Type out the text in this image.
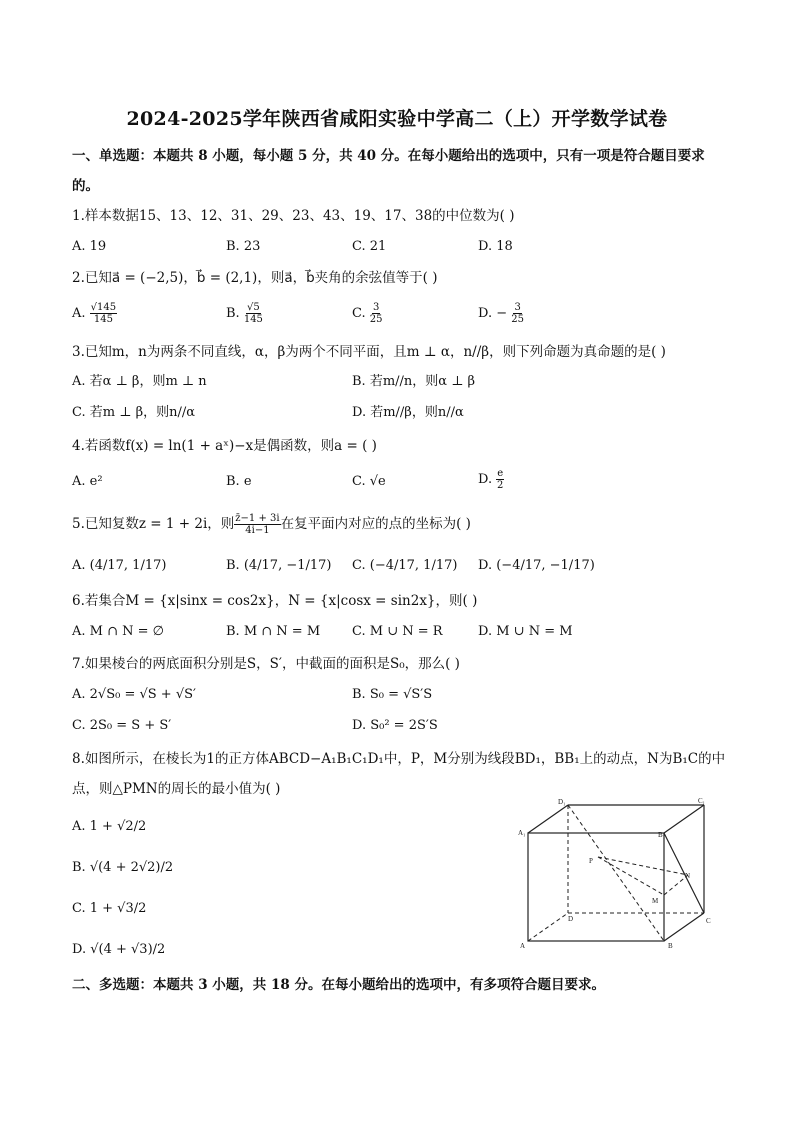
2024-2025学年陕西省咸阳实验中学高二（上）开学数学试卷
一、单选题：本题共 8 小题，每小题 5 分，共 40 分。在每小题给出的选项中，只有一项是符合题目要求
的。
1.样本数据15、13、12、31、29、23、43、19、17、38的中位数为( )
A. 19	B. 23	C. 21	D. 18
2.已知a⃗ = (−2,5)，b⃗ = (2,1)，则a⃗，b⃗夹角的余弦值等于( )
A. $\frac{√145}{145}$	B. $\frac{√5}{145}$	C. $\frac{3}{25}$	D. − $\frac{3}{25}$
3.已知m，n为两条不同直线，α，β为两个不同平面，且m ⊥ α，n//β，则下列命题为真命题的是( )
A. 若α ⊥ β，则m ⊥ n	B. 若m//n，则α ⊥ β
C. 若m ⊥ β，则n//α	D. 若m//β，则n//α
4.若函数f(x) = ln(1 + aˣ)−x是偶函数，则a = ( )
A. e²	B. e	C. √e	D. $\frac{e}{2}$
5.已知复数z = 1 + 2i，则 $\frac{z̄-1 + 3i}{4i-1}$ 在复平面内对应的点的坐标为( )
A. (4/17, 1/17)	B. (4/17, −1/17) C. (−4/17, 1/17) D. (−4/17, −1/17)
6.若集合M = {x|sinx = cos2x}，N = {x|cosx = sin2x}，则( )
A. M ∩ N = ∅	B. M ∩ N = M C. M ∪ N = R	D. M ∪ N = M
7.如果棱台的两底面积分别是S，S′，中截面的面积是S₀，那么( )
A. 2√S₀ = √S + √S′	B. S₀ = √S′S
C. 2S₀ = S + S′	D. S₀² = 2S′S
8.如图所示，在棱长为1的正方体ABCD−A₁B₁C₁D₁中，P，M分别为线段BD₁，BB₁上的动点，N为B₁C的中
点，则△PMN的周长的最小值为( )
A. 1 + √2/2
B. √(4 + 2√2)/2
C. 1 + √3/2
D. √(4 + √3)/2
D₁	C₁
A₁	B₁
P
N
M
D	C
A	B
二、多选题：本题共 3 小题，共 18 分。在每小题给出的选项中，有多项符合题目要求。
